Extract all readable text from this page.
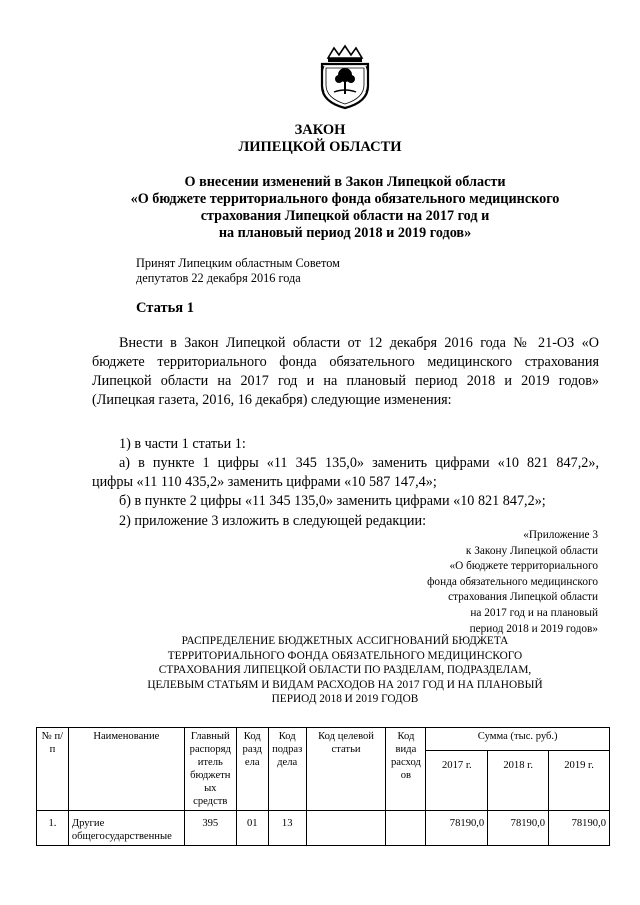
ЗАКОН
ЛИПЕЦКОЙ ОБЛАСТИ
О внесении изменений в Закон Липецкой области
«О бюджете территориального фонда обязательного медицинского
страхования Липецкой области на 2017 год и
на плановый период 2018 и 2019 годов»
Принят Липецким областным Советом
депутатов 22 декабря 2016 года
Статья 1
Внести в Закон Липецкой области от 12 декабря 2016 года № 21-ОЗ «О
бюджете территориального фонда обязательного медицинского страхования
Липецкой области на 2017 год и на плановый период 2018 и 2019 годов»
(Липецкая газета, 2016, 16 декабря) следующие изменения:
1) в части 1 статьи 1:
а) в пункте 1 цифры «11 345 135,0» заменить цифрами «10 821 847,2»,
цифры «11 110 435,2» заменить цифрами «10 587 147,4»;
б) в пункте 2 цифры «11 345 135,0» заменить цифрами «10 821 847,2»;
2) приложение 3 изложить в следующей редакции:
«Приложение 3
к Закону Липецкой области
«О бюджете территориального
фонда обязательного медицинского
страхования Липецкой области
на 2017 год и на плановый
период 2018 и 2019 годов»
РАСПРЕДЕЛЕНИЕ БЮДЖЕТНЫХ АССИГНОВАНИЙ БЮДЖЕТА
ТЕРРИТОРИАЛЬНОГО ФОНДА ОБЯЗАТЕЛЬНОГО МЕДИЦИНСКОГО
СТРАХОВАНИЯ ЛИПЕЦКОЙ ОБЛАСТИ ПО РАЗДЕЛАМ, ПОДРАЗДЕЛАМ,
ЦЕЛЕВЫМ СТАТЬЯМ И ВИДАМ РАСХОДОВ НА 2017 ГОД И НА ПЛАНОВЫЙ
ПЕРИОД 2018 И 2019 ГОДОВ
№ п/п	Наименование	Главный распоряд итель бюджетн ых средств	Код разд ела	Код подраз дела	Код целевой статьи	Код вида расход ов	Сумма (тыс. руб.)		
							2017 г.	2018 г.	2019 г.
1.	Другие общегосударственные	395	01	13			78190,0	78190,0	78190,0
